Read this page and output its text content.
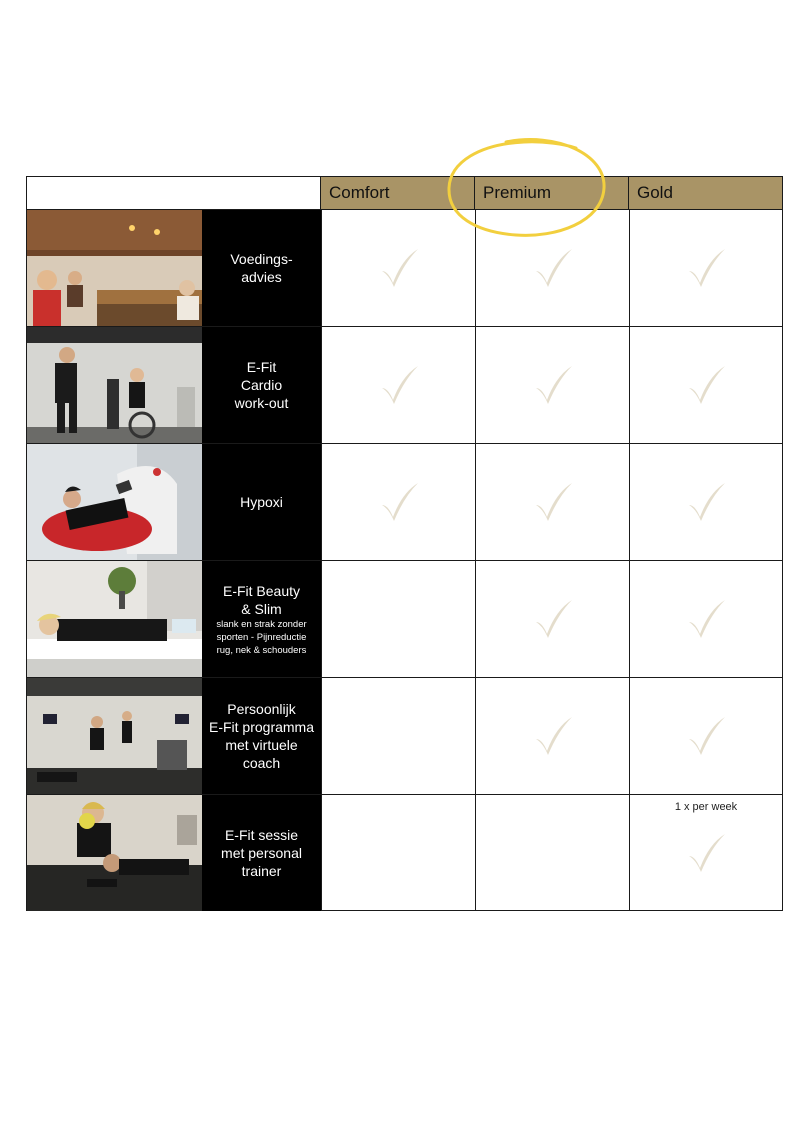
Comfort	Premium	Gold
Voedings-
advies
E-Fit
Cardio
work-out
Hypoxi
E-Fit Beauty
& Slim
slank en strak zonder
sporten - Pijnreductie
rug, nek & schouders
Persoonlijk
E-Fit programma
met virtuele
coach
E-Fit sessie
met personal
trainer
1 x per week
